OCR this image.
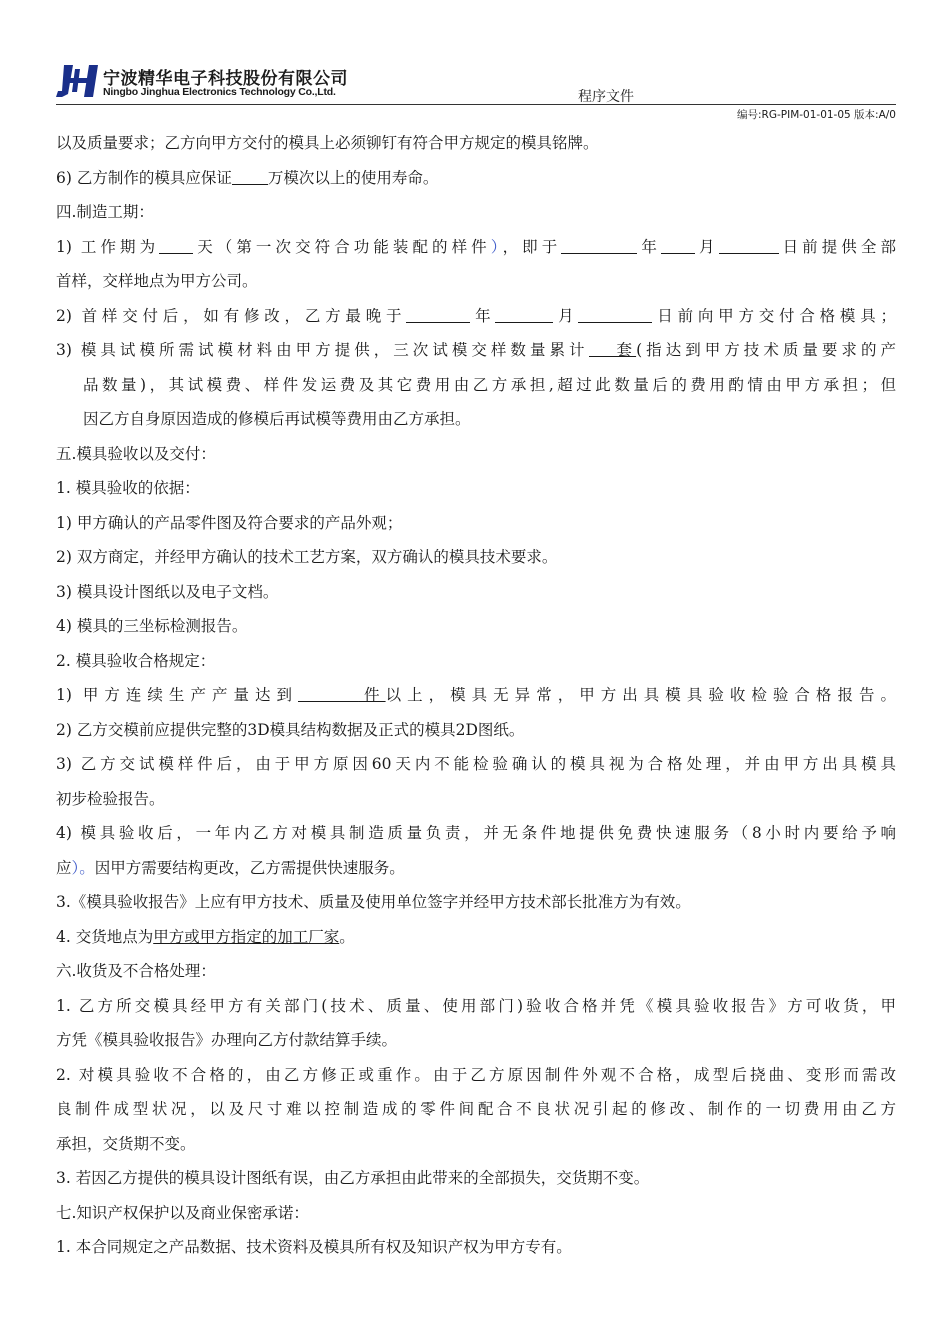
宁波精华电子科技股份有限公司
Ningbo Jinghua Electronics Technology Co.,Ltd.	程序文件
编号:RG-PIM-01-01-05 版本:A/0
以及质量要求；乙方向甲方交付的模具上必须铆钉有符合甲方规定的模具铭牌。
6) 乙方制作的模具应保证 万模次以上的使用寿命。
四.制造工期：
1) 工作期为 天（第一次交符合功能装配的样件），即于	年 月	日前提供全部
首样，交样地点为甲方公司。
2) 首样交付后，如有修改，乙方最晚于	年	月	日前向甲方交付合格模具；
3) 模具试模所需试模材料由甲方提供，三次试模交样数量累计 套(指达到甲方技术质量要求的产
品数量)，其试模费、样件发运费及其它费用由乙方承担,超过此数量后的费用酌情由甲方承担；但
因乙方自身原因造成的修模后再试模等费用由乙方承担。
五.模具验收以及交付：
1. 模具验收的依据：
1) 甲方确认的产品零件图及符合要求的产品外观；
2) 双方商定，并经甲方确认的技术工艺方案，双方确认的模具技术要求。
3) 模具设计图纸以及电子文档。
4) 模具的三坐标检测报告。
2. 模具验收合格规定：
1) 甲方连续生产产量达到	件以上，模具无异常，甲方出具模具验收检验合格报告。
2) 乙方交模前应提供完整的3D模具结构数据及正式的模具2D图纸。
3) 乙方交试模样件后，由于甲方原因60天内不能检验确认的模具视为合格处理，并由甲方出具模具
初步检验报告。
4) 模具验收后，一年内乙方对模具制造质量负责，并无条件地提供免费快速服务（8小时内要给予响
应）。因甲方需要结构更改，乙方需提供快速服务。
3.《模具验收报告》上应有甲方技术、质量及使用单位签字并经甲方技术部长批准方为有效。
4. 交货地点为甲方或甲方指定的加工厂家。
六.收货及不合格处理：
1. 乙方所交模具经甲方有关部门(技术、质量、使用部门)验收合格并凭《模具验收报告》方可收货，甲
方凭《模具验收报告》办理向乙方付款结算手续。
2. 对模具验收不合格的，由乙方修正或重作。由于乙方原因制件外观不合格，成型后挠曲、变形而需改
良制件成型状况，以及尺寸难以控制造成的零件间配合不良状况引起的修改、制作的一切费用由乙方
承担，交货期不变。
3. 若因乙方提供的模具设计图纸有误，由乙方承担由此带来的全部损失，交货期不变。
七.知识产权保护以及商业保密承诺：
1. 本合同规定之产品数据、技术资料及模具所有权及知识产权为甲方专有。
